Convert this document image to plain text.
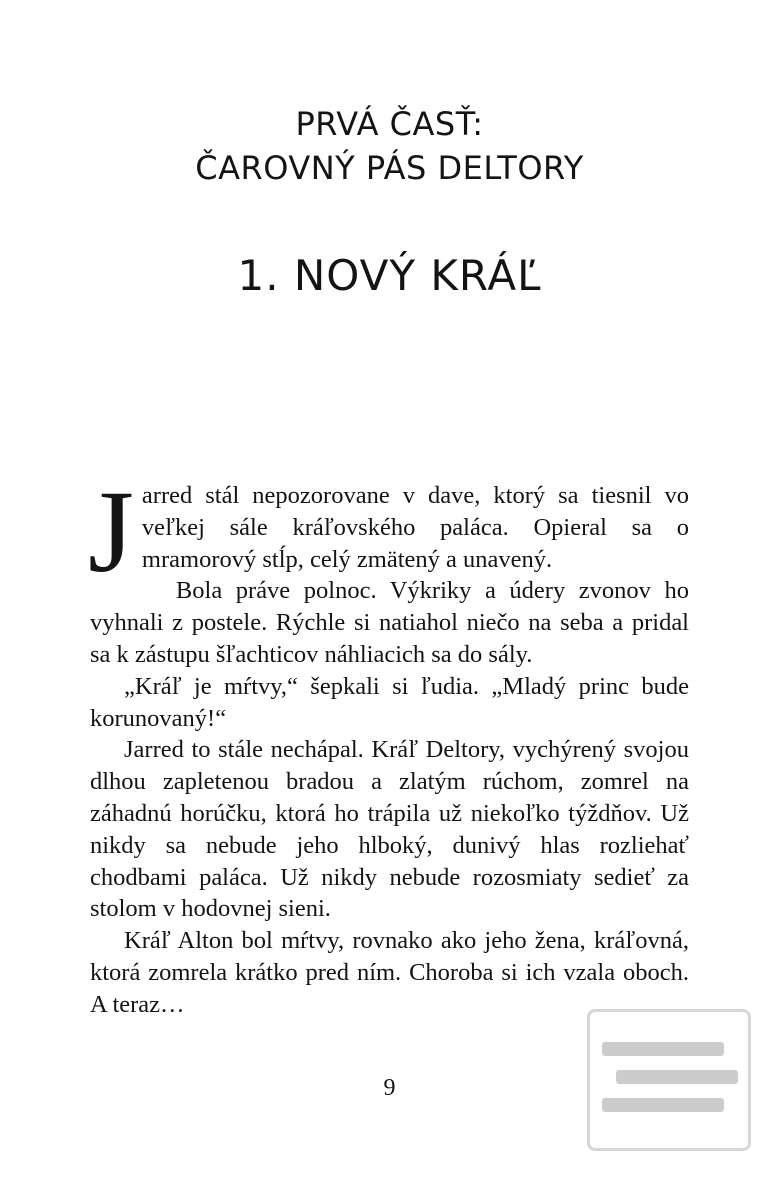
PRVÁ ČASŤ:
ČAROVNÝ PÁS DELTORY
1. NOVÝ KRÁĽ
J arred stál nepozorovane v dave, ktorý sa tiesnil vo veľkej sále kráľovského paláca. Opieral sa o mramorový stĺp, celý zmätený a unavený.

Bola práve polnoc. Výkriky a údery zvonov ho vyhnali z postele. Rýchle si natiahol niečo na seba a pridal sa k zástupu šľachticov náhliacich sa do sály.

„Kráľ je mŕtvy,“ šepkali si ľudia. „Mladý princ bude korunovaný!“

Jarred to stále nechápal. Kráľ Deltory, vychýrený svojou dlhou zapletenou bradou a zlatým rúchom, zomrel na záhadnú horúčku, ktorá ho trápila už niekoľko týždňov. Už nikdy sa nebude jeho hlboký, dunivý hlas rozliehať chodbami paláca. Už nikdy nebude rozosmiaty sedieť za stolom v hodovnej sieni.

Kráľ Alton bol mŕtvy, rovnako ako jeho žena, kráľovná, ktorá zomrela krátko pred ním. Choroba si ich vzala oboch. A teraz…

9
